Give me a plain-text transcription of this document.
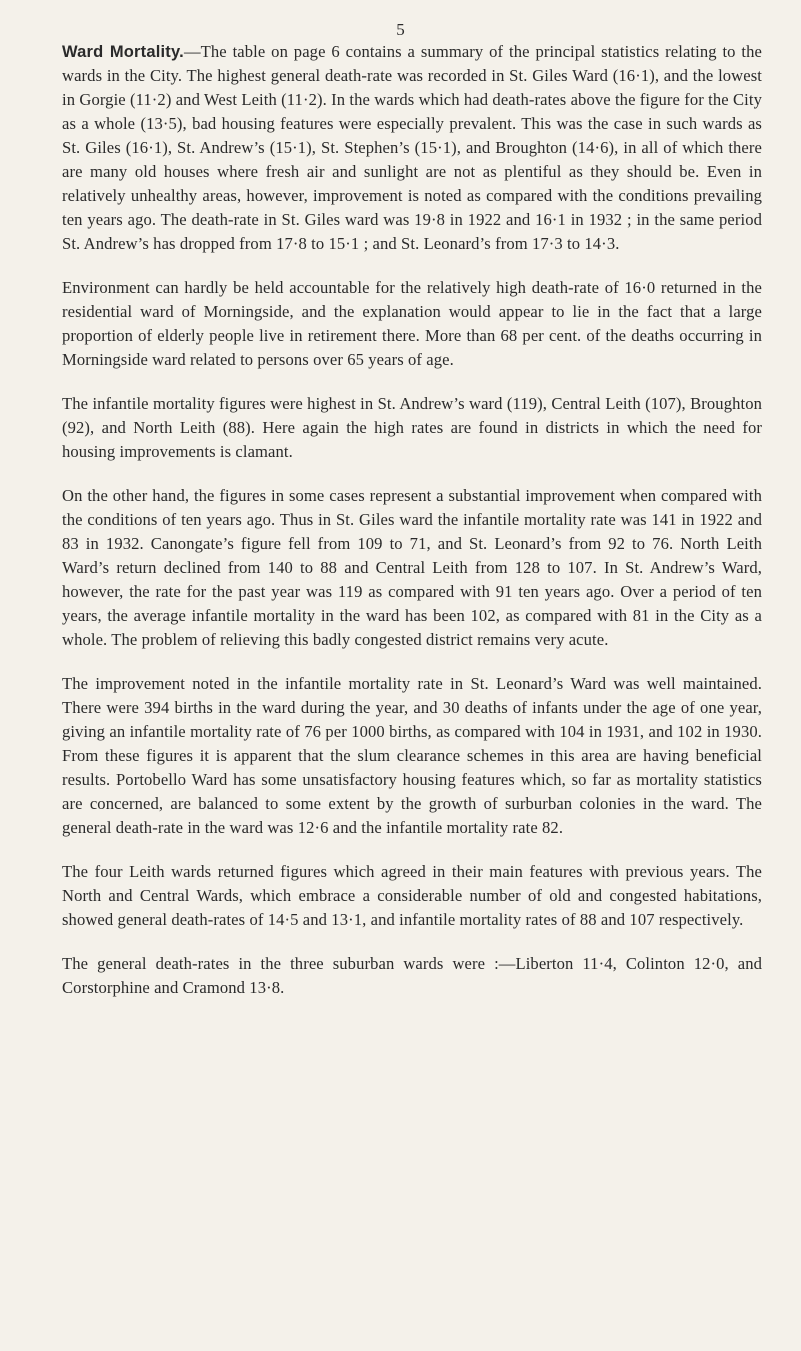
5

Ward Mortality.—The table on page 6 contains a summary of the principal statistics relating to the wards in the City. The highest general death-rate was recorded in St. Giles Ward (16·1), and the lowest in Gorgie (11·2) and West Leith (11·2). In the wards which had death-rates above the figure for the City as a whole (13·5), bad housing features were especially prevalent. This was the case in such wards as St. Giles (16·1), St. Andrew’s (15·1), St. Stephen’s (15·1), and Broughton (14·6), in all of which there are many old houses where fresh air and sunlight are not as plentiful as they should be. Even in relatively unhealthy areas, however, improvement is noted as compared with the conditions prevailing ten years ago. The death-rate in St. Giles ward was 19·8 in 1922 and 16·1 in 1932 ; in the same period St. Andrew’s has dropped from 17·8 to 15·1 ; and St. Leonard’s from 17·3 to 14·3.

Environment can hardly be held accountable for the relatively high death-rate of 16·0 returned in the residential ward of Morningside, and the explanation would appear to lie in the fact that a large proportion of elderly people live in retirement there. More than 68 per cent. of the deaths occurring in Morningside ward related to persons over 65 years of age.

The infantile mortality figures were highest in St. Andrew’s ward (119), Central Leith (107), Broughton (92), and North Leith (88). Here again the high rates are found in districts in which the need for housing improvements is clamant.

On the other hand, the figures in some cases represent a substantial improvement when compared with the conditions of ten years ago. Thus in St. Giles ward the infantile mortality rate was 141 in 1922 and 83 in 1932. Canongate’s figure fell from 109 to 71, and St. Leonard’s from 92 to 76. North Leith Ward’s return declined from 140 to 88 and Central Leith from 128 to 107. In St. Andrew’s Ward, however, the rate for the past year was 119 as compared with 91 ten years ago. Over a period of ten years, the average infantile mortality in the ward has been 102, as compared with 81 in the City as a whole. The problem of relieving this badly congested district remains very acute.

The improvement noted in the infantile mortality rate in St. Leonard’s Ward was well maintained. There were 394 births in the ward during the year, and 30 deaths of infants under the age of one year, giving an infantile mortality rate of 76 per 1000 births, as compared with 104 in 1931, and 102 in 1930. From these figures it is apparent that the slum clearance schemes in this area are having beneficial results. Portobello Ward has some unsatisfactory housing features which, so far as mortality statistics are concerned, are balanced to some extent by the growth of surburban colonies in the ward. The general death-rate in the ward was 12·6 and the infantile mortality rate 82.

The four Leith wards returned figures which agreed in their main features with previous years. The North and Central Wards, which embrace a considerable number of old and congested habitations, showed general death-rates of 14·5 and 13·1, and infantile mortality rates of 88 and 107 respectively.

The general death-rates in the three suburban wards were :—Liberton 11·4, Colinton 12·0, and Corstorphine and Cramond 13·8.
